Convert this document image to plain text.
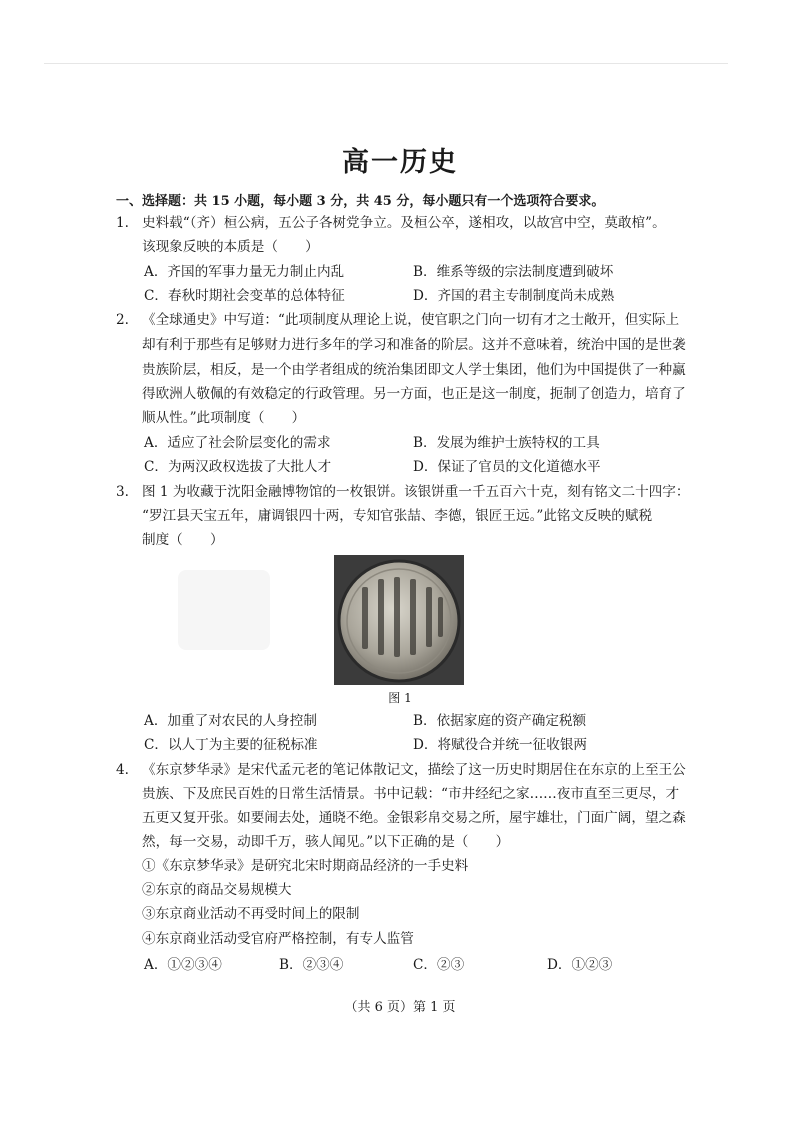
高一历史
一、选择题：共 15 小题，每小题 3 分，共 45 分，每小题只有一个选项符合要求。
1. 史料载“（齐）桓公病，五公子各树党争立。及桓公卒，遂相攻，以故宫中空，莫敢棺”。
该现象反映的本质是（　　）
A．齐国的军事力量无力制止内乱	B．维系等级的宗法制度遭到破坏
C．春秋时期社会变革的总体特征	D．齐国的君主专制制度尚未成熟
2. 《全球通史》中写道：“此项制度从理论上说，使官职之门向一切有才之士敞开，但实际上
却有利于那些有足够财力进行多年的学习和准备的阶层。这并不意味着，统治中国的是世袭
贵族阶层，相反，是一个由学者组成的统治集团即文人学士集团，他们为中国提供了一种赢
得欧洲人敬佩的有效稳定的行政管理。另一方面，也正是这一制度，扼制了创造力，培育了
顺从性。”此项制度（　　）
A．适应了社会阶层变化的需求	B．发展为维护士族特权的工具
C．为两汉政权选拔了大批人才	D．保证了官员的文化道德水平
3. 图 1 为收藏于沈阳金融博物馆的一枚银饼。该银饼重一千五百六十克，刻有铭文二十四字：
“罗江县天宝五年，庸调银四十两，专知官张喆、李德，银匠王远。”此铭文反映的赋税
制度（　　）
图 1
A．加重了对农民的人身控制	B．依据家庭的资产确定税额
C．以人丁为主要的征税标准	D．将赋役合并统一征收银两
4. 《东京梦华录》是宋代孟元老的笔记体散记文，描绘了这一历史时期居住在东京的上至王公
贵族、下及庶民百姓的日常生活情景。书中记载：“市井经纪之家……夜市直至三更尽，才
五更又复开张。如要闹去处，通晓不绝。金银彩帛交易之所，屋宇雄壮，门面广阔，望之森
然，每一交易，动即千万，骇人闻见。”以下正确的是（　　）
①《东京梦华录》是研究北宋时期商品经济的一手史料
②东京的商品交易规模大
③东京商业活动不再受时间上的限制
④东京商业活动受官府严格控制，有专人监管
A．①②③④	B．②③④	C．②③	D．①②③
（共 6 页）第 1 页
